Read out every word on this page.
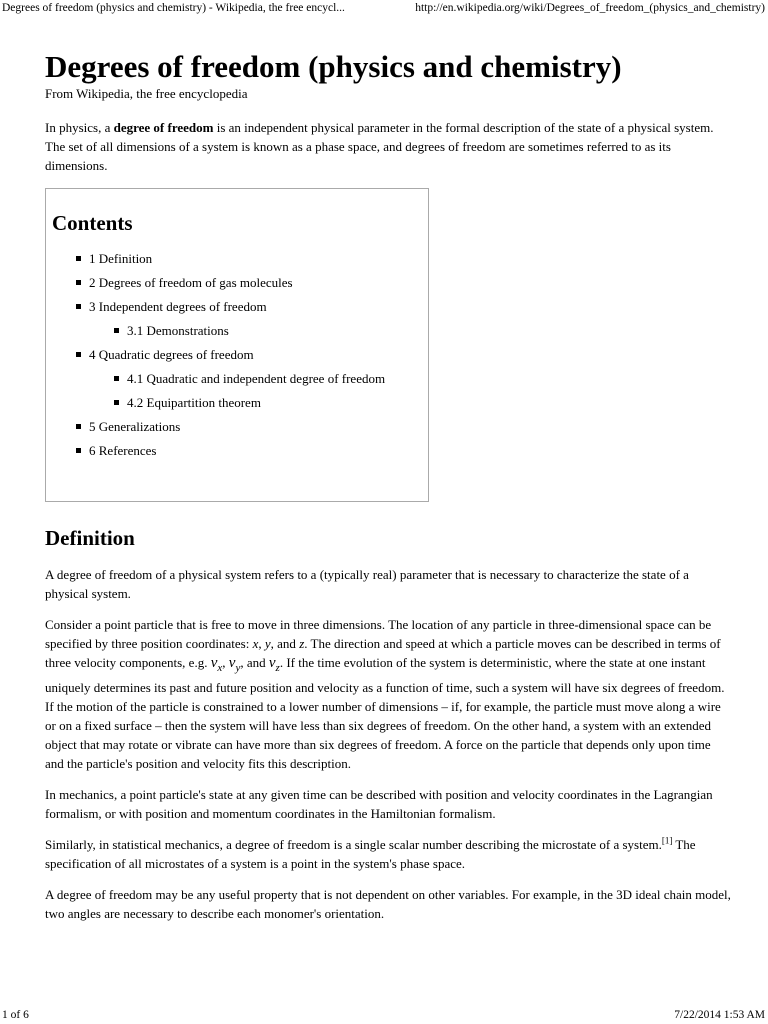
Degrees of freedom (physics and chemistry) - Wikipedia, the free encycl...	http://en.wikipedia.org/wiki/Degrees_of_freedom_(physics_and_chemistry)
Degrees of freedom (physics and chemistry)
From Wikipedia, the free encyclopedia

In physics, a degree of freedom is an independent physical parameter in the formal description of the state of a physical system. The set of all dimensions of a system is known as a phase space, and degrees of freedom are sometimes referred to as its dimensions.

Contents
1 Definition
2 Degrees of freedom of gas molecules
3 Independent degrees of freedom
3.1 Demonstrations
4 Quadratic degrees of freedom
4.1 Quadratic and independent degree of freedom
4.2 Equipartition theorem
5 Generalizations
6 References
Definition

A degree of freedom of a physical system refers to a (typically real) parameter that is necessary to characterize the state of a physical system.

Consider a point particle that is free to move in three dimensions. The location of any particle in three-dimensional space can be specified by three position coordinates: x, y, and z. The direction and speed at which a particle moves can be described in terms of three velocity components, e.g. $v_x$, $v_y$, and $v_z$. If the time evolution of the system is deterministic, where the state at one instant uniquely determines its past and future position and velocity as a function of time, such a system will have six degrees of freedom. If the motion of the particle is constrained to a lower number of dimensions – if, for example, the particle must move along a wire or on a fixed surface – then the system will have less than six degrees of freedom. On the other hand, a system with an extended object that may rotate or vibrate can have more than six degrees of freedom. A force on the particle that depends only upon time and the particle's position and velocity fits this description.

In mechanics, a point particle's state at any given time can be described with position and velocity coordinates in the Lagrangian formalism, or with position and momentum coordinates in the Hamiltonian formalism.

Similarly, in statistical mechanics, a degree of freedom is a single scalar number describing the microstate of a system.[1] The specification of all microstates of a system is a point in the system's phase space.

A degree of freedom may be any useful property that is not dependent on other variables. For example, in the 3D ideal chain model, two angles are necessary to describe each monomer's orientation.

1 of 6	7/22/2014 1:53 AM
